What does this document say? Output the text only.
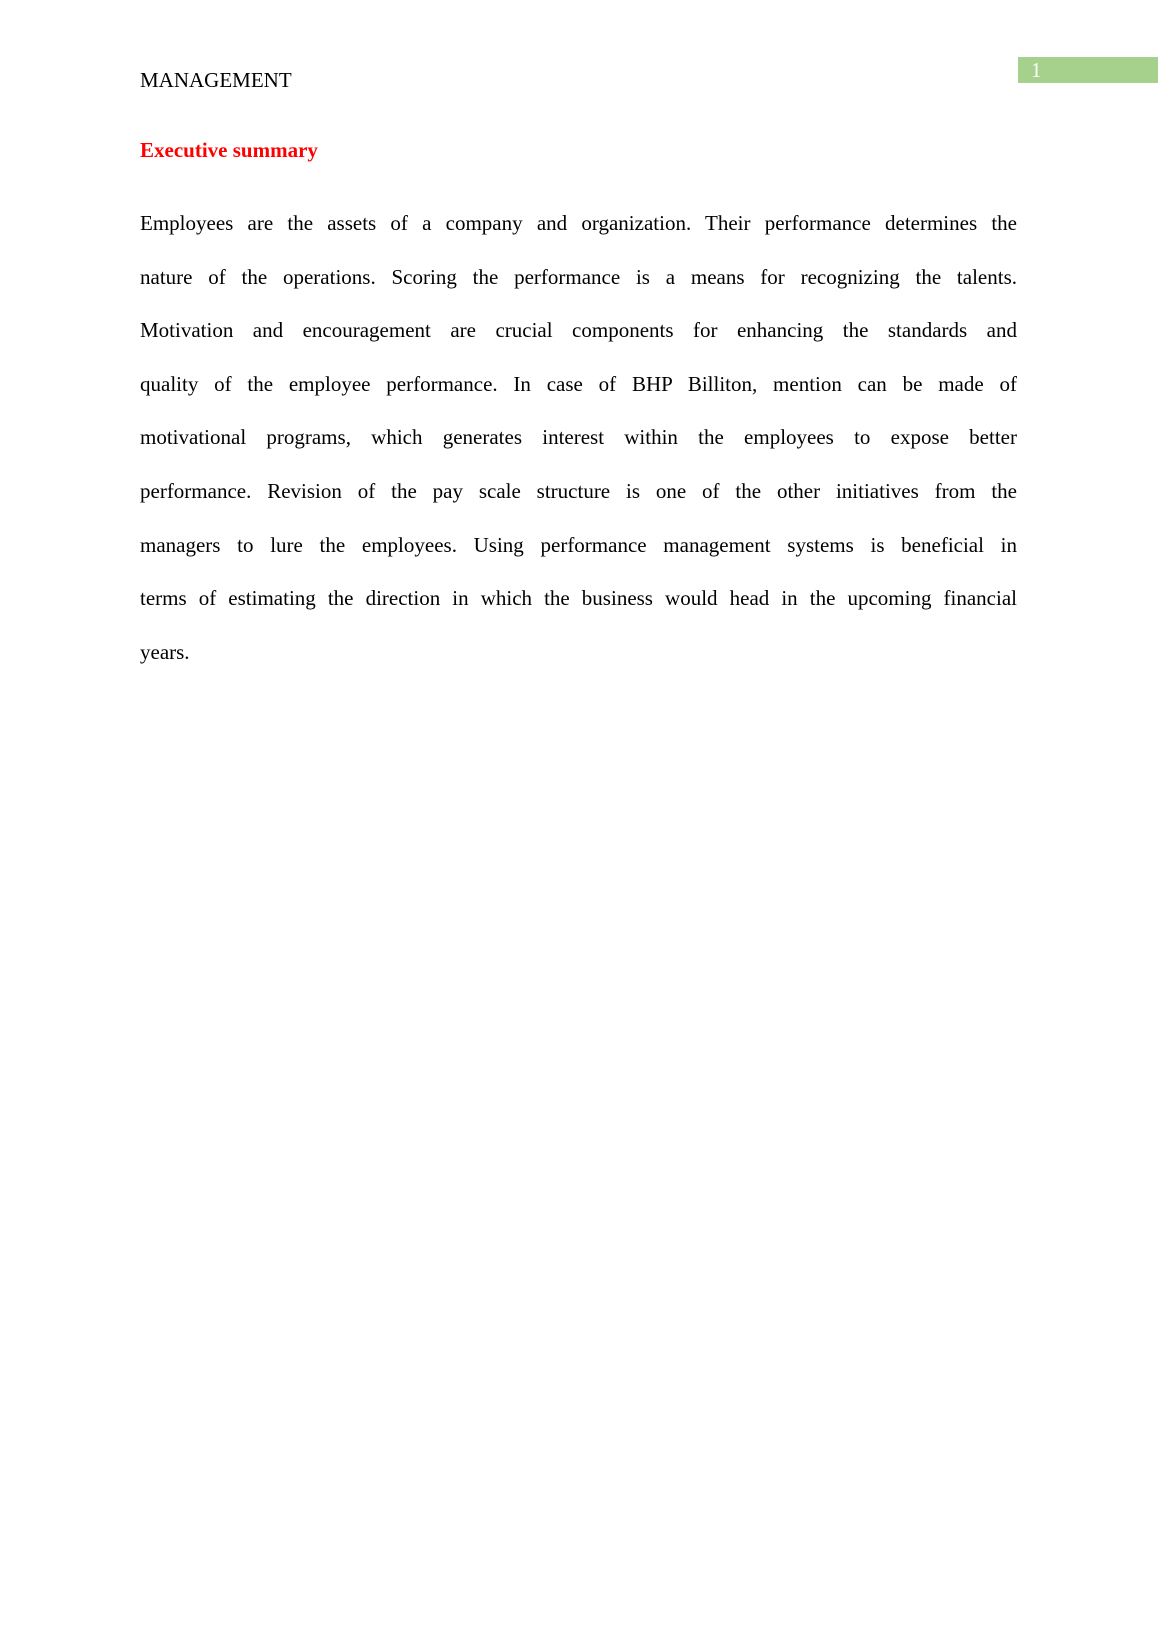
MANAGEMENT	1
Executive summary
Employees are the assets of a company and organization. Their performance determines the
nature of the operations. Scoring the performance is a means for recognizing the talents.
Motivation and encouragement are crucial components for enhancing the standards and
quality of the employee performance. In case of BHP Billiton, mention can be made of
motivational programs, which generates interest within the employees to expose better
performance. Revision of the pay scale structure is one of the other initiatives from the
managers to lure the employees. Using performance management systems is beneficial in
terms of estimating the direction in which the business would head in the upcoming financial
years.
